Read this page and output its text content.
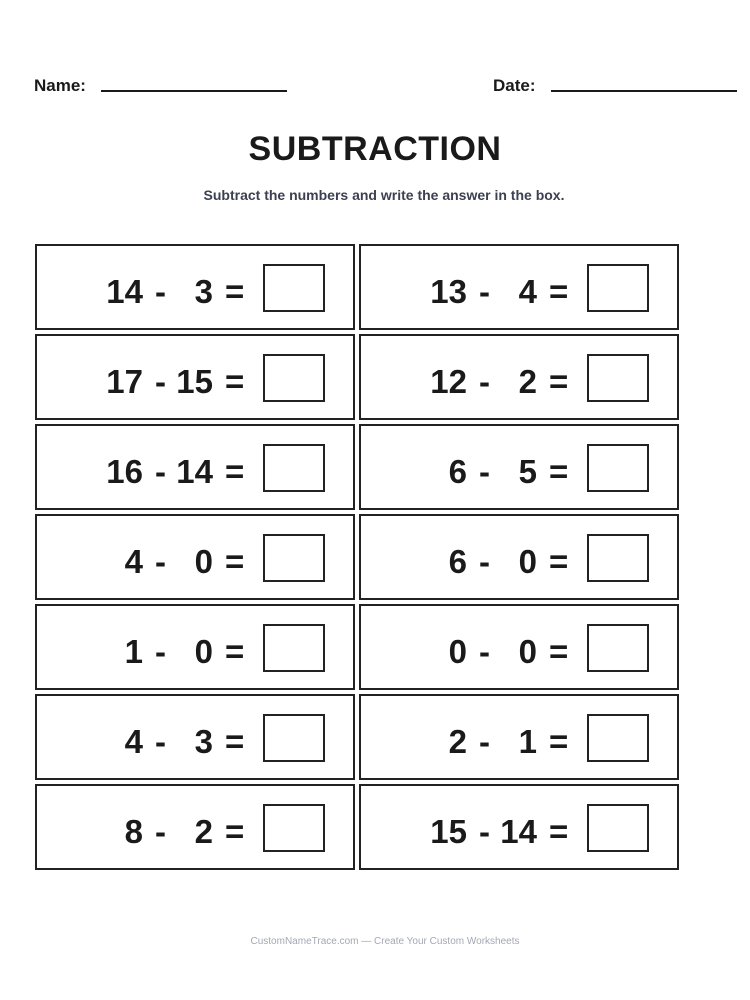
Name:	Date:
SUBTRACTION
Subtract the numbers and write the answer in the box.
14 - 3 =	13 - 4 =
17 - 15 =	12 - 2 =
16 - 14 =	6 - 5 =
4 - 0 =	6 - 0 =
1 - 0 =	0 - 0 =
4 - 3 =	2 - 1 =
8 - 2 =	15 - 14 =
CustomNameTrace.com — Create Your Custom Worksheets
